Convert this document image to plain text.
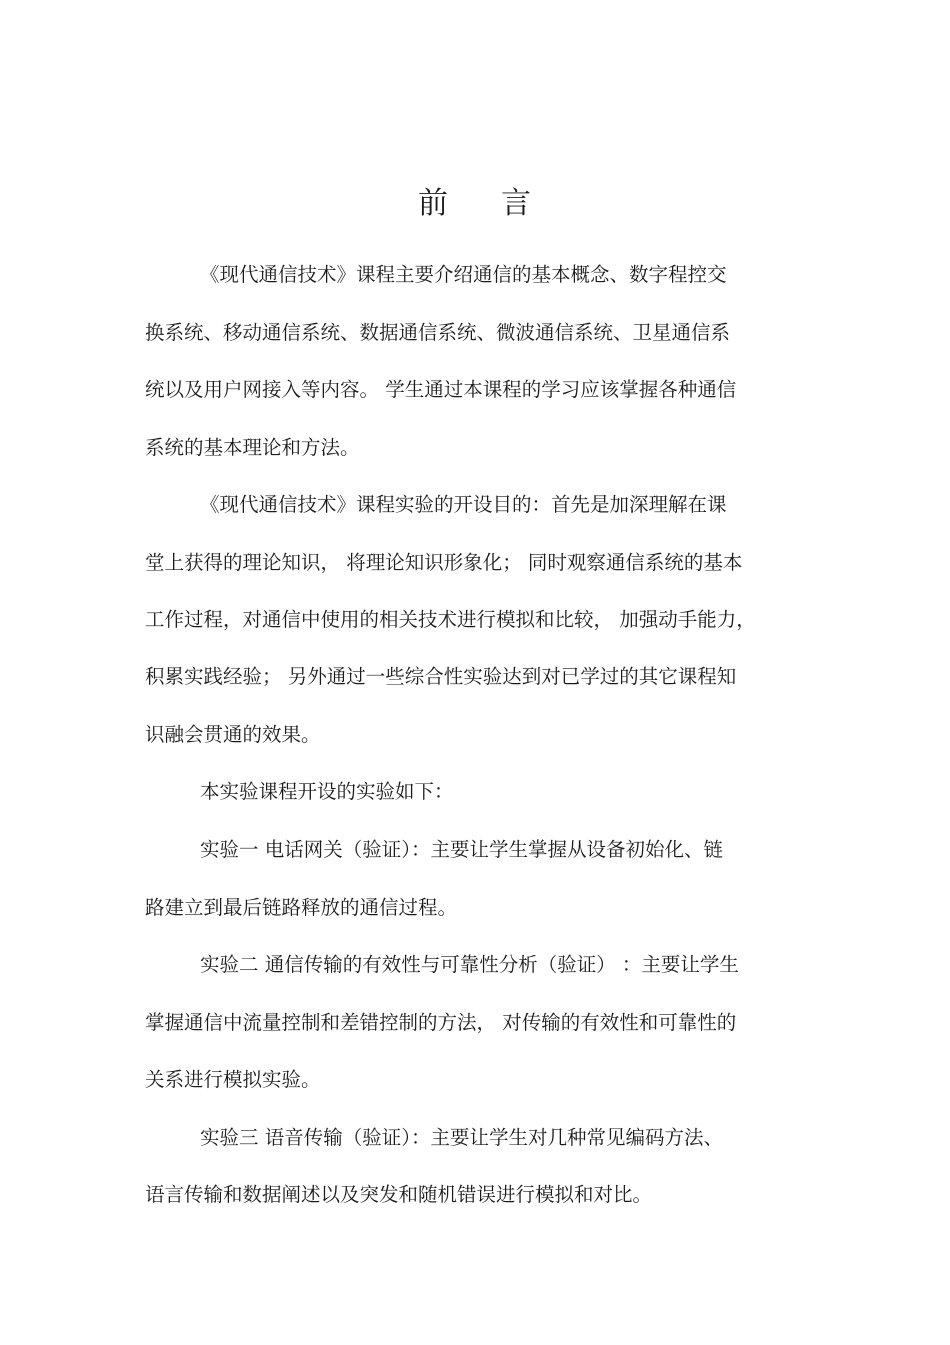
前 言
《现代通信技术》课程主要介绍通信的基本概念、数字程控交
换系统、移动通信系统、数据通信系统、微波通信系统、卫星通信系
统以及用户网接入等内容。 学生通过本课程的学习应该掌握各种通信
系统的基本理论和方法。
《现代通信技术》课程实验的开设目的：首先是加深理解在课
堂上获得的理论知识， 将理论知识形象化； 同时观察通信系统的基本
工作过程，对通信中使用的相关技术进行模拟和比较， 加强动手能力，
积累实践经验； 另外通过一些综合性实验达到对已学过的其它课程知
识融会贯通的效果。
本实验课程开设的实验如下：
实验一 电话网关（验证）：主要让学生掌握从设备初始化、链
路建立到最后链路释放的通信过程。
实验二 通信传输的有效性与可靠性分析（验证） ：主要让学生
掌握通信中流量控制和差错控制的方法， 对传输的有效性和可靠性的
关系进行模拟实验。
实验三 语音传输（验证）：主要让学生对几种常见编码方法、
语言传输和数据阐述以及突发和随机错误进行模拟和对比。
